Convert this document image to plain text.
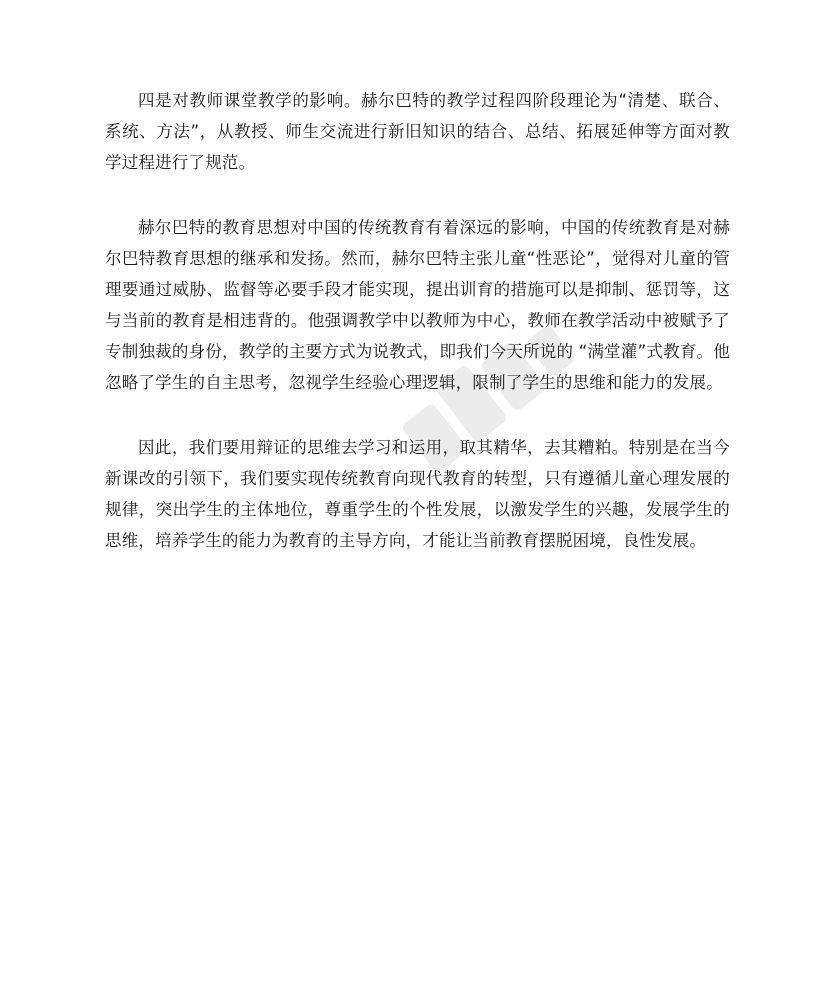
四是对教师课堂教学的影响。赫尔巴特的教学过程四阶段理论为“清楚、联合、系统、方法”，从教授、师生交流进行新旧知识的结合、总结、拓展延伸等方面对教学过程进行了规范。

赫尔巴特的教育思想对中国的传统教育有着深远的影响，中国的传统教育是对赫尔巴特教育思想的继承和发扬。然而，赫尔巴特主张儿童“性恶论”，觉得对儿童的管理要通过威胁、监督等必要手段才能实现，提出训育的措施可以是抑制、惩罚等，这与当前的教育是相违背的。他强调教学中以教师为中心，教师在教学活动中被赋予了专制独裁的身份，教学的主要方式为说教式，即我们今天所说的 “满堂灌”式教育。他忽略了学生的自主思考，忽视学生经验心理逻辑，限制了学生的思维和能力的发展。

因此，我们要用辩证的思维去学习和运用，取其精华，去其糟粕。特别是在当今新课改的引领下，我们要实现传统教育向现代教育的转型，只有遵循儿童心理发展的规律，突出学生的主体地位，尊重学生的个性发展，以激发学生的兴趣，发展学生的思维，培养学生的能力为教育的主导方向，才能让当前教育摆脱困境，良性发展。
